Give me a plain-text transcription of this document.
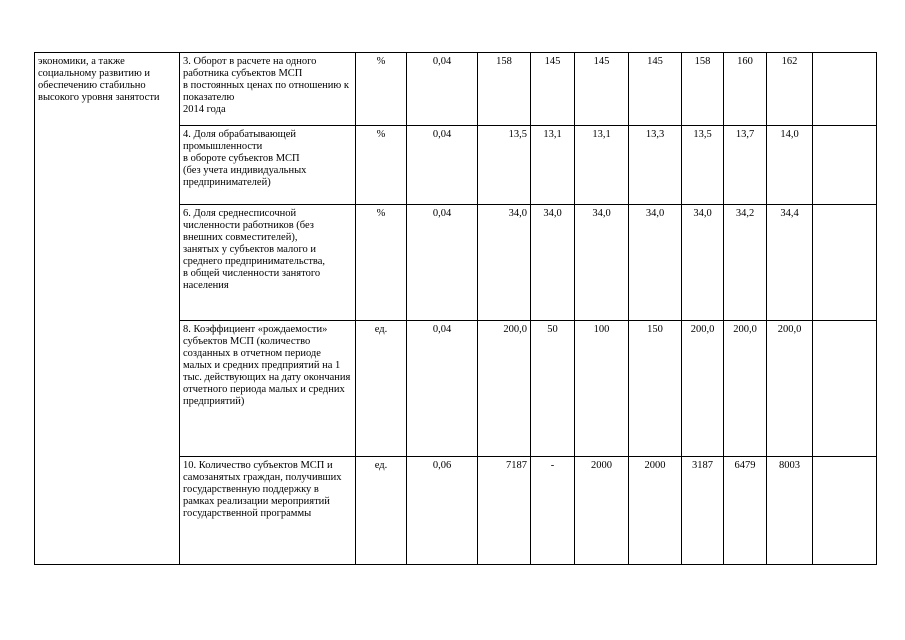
экономики, а также социальному развитию и обеспечению стабильно высокого уровня занятости	3. Оборот в расчете на одного работника субъектов МСП
в постоянных ценах по отношению к показателю
2014 года	%	0,04	158	145	145	145	158	160	162	
	4. Доля обрабатывающей промышленности
в обороте субъектов МСП
(без учета индивидуальных предпринимателей)	%	0,04	13,5	13,1	13,1	13,3	13,5	13,7	14,0	
	6. Доля среднесписочной численности работников (без внешних совместителей),
занятых у субъектов малого и среднего предпринимательства,
в общей численности занятого населения	%	0,04	34,0	34,0	34,0	34,0	34,0	34,2	34,4	
	8. Коэффициент «рождаемости» субъектов МСП (количество созданных в отчетном периоде малых и средних предприятий на 1 тыс. действующих на дату окончания отчетного периода малых и средних предприятий)	ед.	0,04	200,0	50	100	150	200,0	200,0	200,0	
	10. Количество субъектов МСП и самозанятых граждан, получивших государственную поддержку в рамках реализации мероприятий государственной программы	ед.	0,06	7187	-	2000	2000	3187	6479	8003	
